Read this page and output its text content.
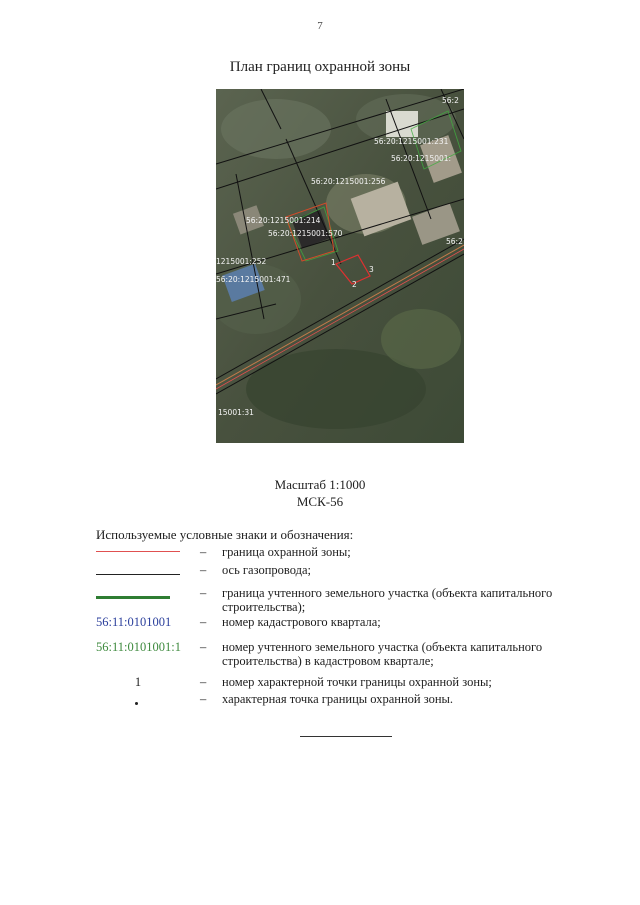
7
План границ охранной зоны
56:2
56:20:1215001:231
56:20:1215001:
56:20:1215001:256
56:20:1215001:214
56:20:1215001:570
1215001:252
56:20:1215001:471
56:2
1
2
3
15001:31
Масштаб 1:1000
МСК-56
Используемые условные знаки и обозначения:
– граница охранной зоны;
– ось газопровода;
– граница учтенного земельного участка (объекта капитального строительства);
56:11:0101001	– номер кадастрового квартала;
56:11:0101001:1	– номер учтенного земельного участка (объекта капитального строительства) в кадастровом квартале;
1	– номер характерной точки границы охранной зоны;
– характерная точка границы охранной зоны.
